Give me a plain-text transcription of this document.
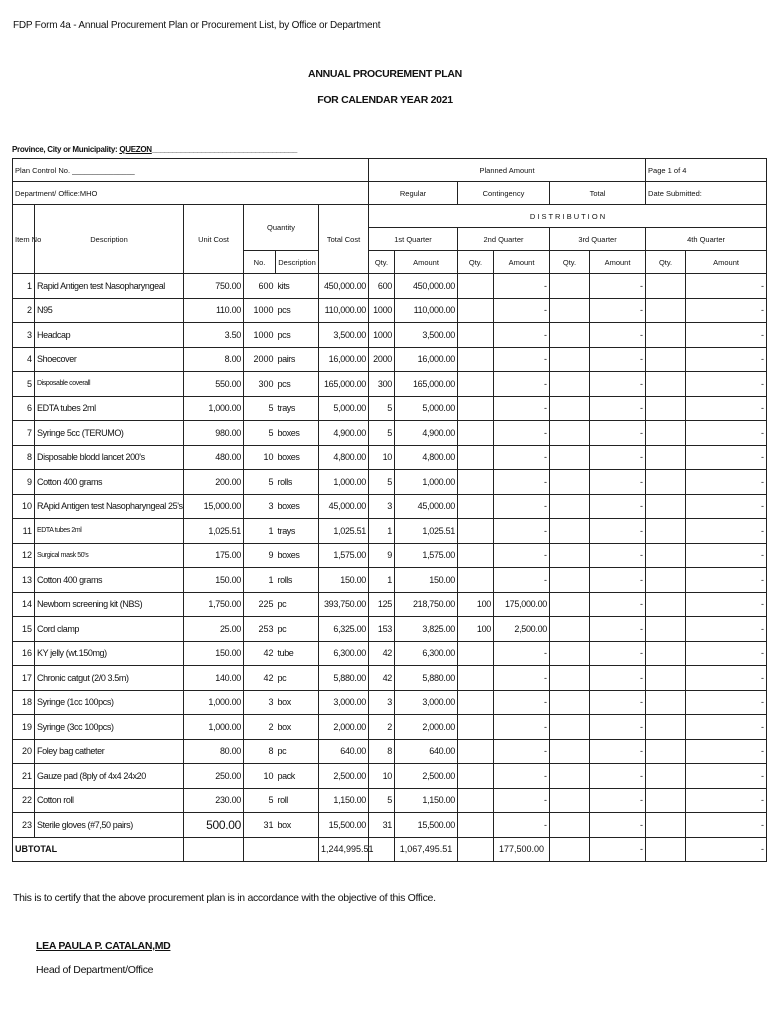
FDP Form 4a - Annual Procurement Plan or Procurement List, by Office or Department
ANNUAL PROCUREMENT PLAN
FOR CALENDAR YEAR 2021
Province, City or Municipality: QUEZON___________________________________
Plan Control No. _______________						Planned Amount						Page 1 of 4	
Department/ Office:MHO						Regular		Contingency		Total		Date Submitted:	
Item No	Description	Unit Cost	Quantity		Total Cost	D I S T R I B U T I O N							
						1st Quarter		2nd Quarter		3rd Quarter		4th Quarter	
			No.	Description		Qty.	Amount	Qty.	Amount	Qty.	Amount	Qty.	Amount
1	Rapid Antigen test Nasopharyngeal	750.00	600	kits	450,000.00	600	450,000.00		-		-		-
2	N95	110.00	1000	pcs	110,000.00	1000	110,000.00		-		-		-
3	Headcap	3.50	1000	pcs	3,500.00	1000	3,500.00		-		-		-
4	Shoecover	8.00	2000	pairs	16,000.00	2000	16,000.00		-		-		-
5	Disposable coverall	550.00	300	pcs	165,000.00	300	165,000.00		-		-		-
6	EDTA tubes 2ml	1,000.00	5	trays	5,000.00	5	5,000.00		-		-		-
7	Syringe 5cc (TERUMO)	980.00	5	boxes	4,900.00	5	4,900.00		-		-		-
8	Disposable blodd lancet 200's	480.00	10	boxes	4,800.00	10	4,800.00		-		-		-
9	Cotton 400 grams	200.00	5	rolls	1,000.00	5	1,000.00		-		-		-
10	RApid Antigen test Nasopharyngeal 25's	15,000.00	3	boxes	45,000.00	3	45,000.00		-		-		-
11	EDTA tubes 2ml	1,025.51	1	trays	1,025.51	1	1,025.51		-		-		-
12	Surgical mask 50's	175.00	9	boxes	1,575.00	9	1,575.00		-		-		-
13	Cotton 400 grams	150.00	1	rolls	150.00	1	150.00		-		-		-
14	Newborn screening kit (NBS)	1,750.00	225	pc	393,750.00	125	218,750.00	100	175,000.00		-		-
15	Cord clamp	25.00	253	pc	6,325.00	153	3,825.00	100	2,500.00		-		-
16	KY jelly (wt.150mg)	150.00	42	tube	6,300.00	42	6,300.00		-		-		-
17	Chronic catgut (2/0 3.5m)	140.00	42	pc	5,880.00	42	5,880.00		-		-		-
18	Syringe (1cc 100pcs)	1,000.00	3	box	3,000.00	3	3,000.00		-		-		-
19	Syringe (3cc 100pcs)	1,000.00	2	box	2,000.00	2	2,000.00		-		-		-
20	Foley bag catheter	80.00	8	pc	640.00	8	640.00		-		-		-
21	Gauze pad (8ply of 4x4 24x20	250.00	10	pack	2,500.00	10	2,500.00		-		-		-
22	Cotton roll	230.00	5	roll	1,150.00	5	1,150.00		-		-		-
23	Sterile gloves (#7,50 pairs)	500.00	31	box	15,500.00	31	15,500.00		-		-		-
UBTOTAL					1,244,995.51		1,067,495.51		177,500.00		-		-
This is to certify that the above procurement plan is in accordance with the objective of this Office.
LEA PAULA P. CATALAN,MD
Head of Department/Office
